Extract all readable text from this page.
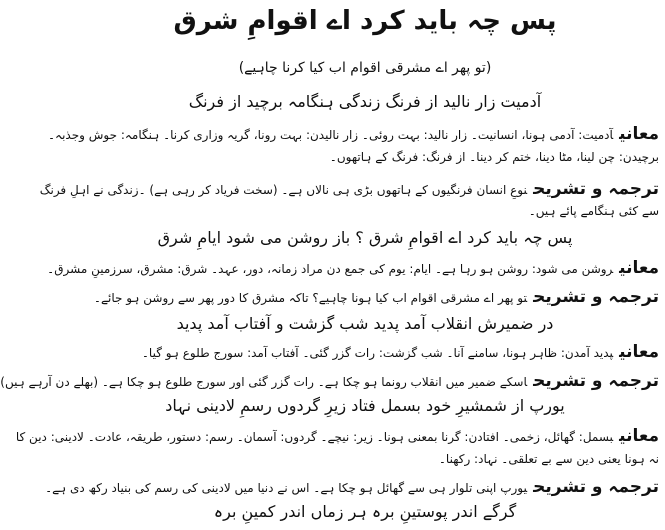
پس چہ باید کرد اے اقوامِ شرق
(تو پھر اے مشرقی اقوام اب کیا کرنا چاہیے)
آدمیت زار نالید از فرنگ زندگی ہنگامہ برچید از فرنگ
معانیآدمیت: آدمی ہونا، انسانیت۔ زار نالید: بہت روئی۔ زار نالیدن: بہت رونا، گریہ وزاری کرنا۔ ہنگامہ: جوش وجذبہ۔
برچیدن: چن لینا، مٹا دینا، ختم کر دینا۔ از فرنگ: فرنگ کے ہاتھوں۔
ترجمہ و تشریحنوعِ انسان فرنگیوں کے ہاتھوں بڑی ہی نالاں ہے۔ (سخت فریاد کر رہی ہے) ۔زندگی نے اہلِ فرنگ
سے کئی ہنگامے پائے ہیں۔
پس چہ باید کرد اے اقوامِ شرق ؟ باز روشن می شود ایامِ شرق
معانیروشن می شود: روشن ہو رہا ہے۔ ایام: یوم کی جمع دن مراد زمانہ، دور، عہد۔ شرق: مشرق، سرزمینِ مشرق۔
ترجمہ و تشریحتو پھر اے مشرقی اقوام اب کیا ہونا چاہیے؟ تاکہ مشرق کا دور پھر سے روشن ہو جائے۔
در ضمیرش انقلاب آمد پدید شب گزشت و آفتاب آمد پدید
معانیپدید آمدن: ظاہر ہونا، سامنے آنا۔ شب گزشت: رات گزر گئی۔ آفتاب آمد: سورج طلوع ہو گیا۔
ترجمہ و تشریحاسکے ضمیر میں انقلاب رونما ہو چکا ہے۔ رات گزر گئی اور سورج طلوع ہو چکا ہے۔ (بھلے دن آرہے ہیں)
یورپ از شمشیرِ خود بسمل فتاد زیرِ گردوں رسمِ لادینی نہاد
معانیبسمل: گھائل، زخمی۔ افتادن: گرنا بمعنی ہونا۔ زیر: نیچے۔ گردوں: آسمان۔ رسم: دستور، طریقہ، عادت۔ لادینی: دین کا
نہ ہونا یعنی دین سے بے تعلقی۔ نہاد: رکھنا۔
ترجمہ و تشریحیورپ اپنی تلوار ہی سے گھائل ہو چکا ہے۔ اس نے دنیا میں لادینی کی رسم کی بنیاد رکھ دی ہے۔
گرگے اندر پوستینِ برہ ہر زماں اندر کمینِ برہ
